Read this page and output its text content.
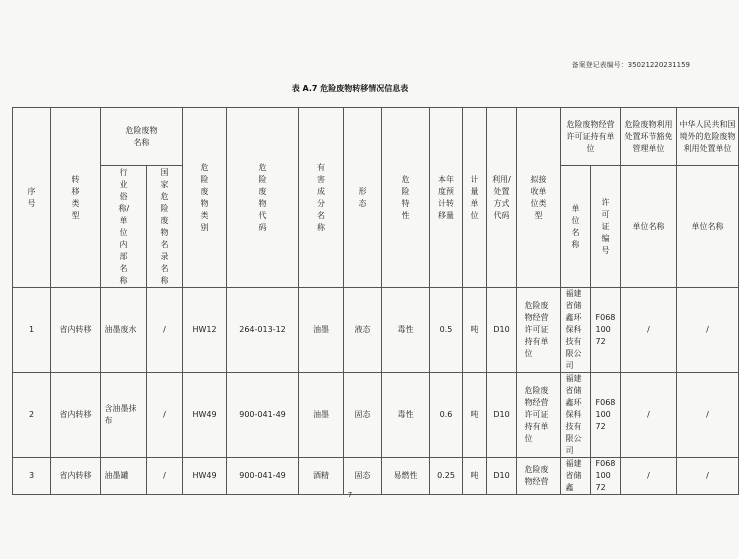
备案登记表编号：35021220231159
表 A.7 危险废物转移情况信息表
序号	转移类型	危险废物名称		危险废物类别	危险废物代码	有害成分名称	形态	危险特性	本年度预计转移量	计量单位	利用/处置方式代码	拟接收单位类型	危险废物经营许可证持有单位		危险废物利用处置环节豁免管理单位	中华人民共和国境外的危险废物利用处置单位

		行业俗称/单位内部名称	国家危险废物名录名称										单位名称	许可证编号	单位名称	单位名称
1	省内转移	油墨废水	/	HW12	264-013-12	油墨	液态	毒性	0.5	吨	D10	危险废物经营许可证持有单位	福建省储鑫环保科技有限公司	F06810072	/	/
2	省内转移	含油墨抹布	/	HW49	900-041-49	油墨	固态	毒性	0.6	吨	D10	危险废物经营许可证持有单位	福建省储鑫环保科技有限公司	F06810072	/	/
3	省内转移	油墨罐	/	HW49	900-041-49	酒精	固态	易燃性	0.25	吨	D10	危险废物经营	福建省储鑫	F06810072	/	/
7
